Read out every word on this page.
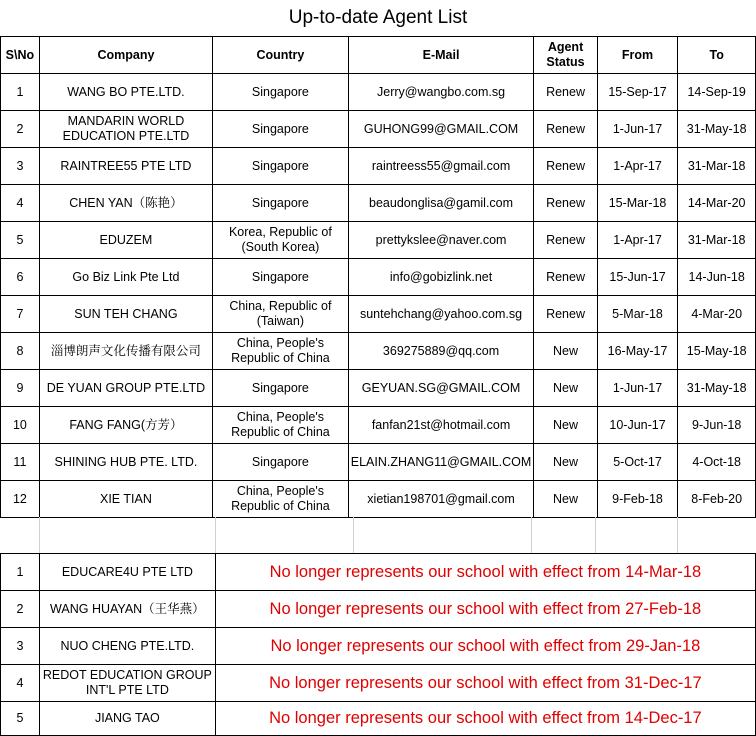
Up-to-date Agent List
S\No	Company	Country	E-Mail	Agent Status	From	To
1	WANG BO PTE.LTD.	Singapore	Jerry@wangbo.com.sg	Renew	15-Sep-17	14-Sep-19
2	MANDARIN WORLD EDUCATION PTE.LTD	Singapore	GUHONG99@GMAIL.COM	Renew	1-Jun-17	31-May-18
3	RAINTREE55 PTE LTD	Singapore	raintreess55@gmail.com	Renew	1-Apr-17	31-Mar-18
4	CHEN YAN（陈艳）	Singapore	beaudonglisa@gamil.com	Renew	15-Mar-18	14-Mar-20
5	EDUZEM	Korea, Republic of (South Korea)	prettykslee@naver.com	Renew	1-Apr-17	31-Mar-18
6	Go Biz Link Pte Ltd	Singapore	info@gobizlink.net	Renew	15-Jun-17	14-Jun-18
7	SUN TEH CHANG	China, Republic of (Taiwan)	suntehchang@yahoo.com.sg	Renew	5-Mar-18	4-Mar-20
8	淄博朗声文化传播有限公司	China, People's Republic of China	369275889@qq.com	New	16-May-17	15-May-18
9	DE YUAN GROUP PTE.LTD	Singapore	GEYUAN.SG@GMAIL.COM	New	1-Jun-17	31-May-18
10	FANG FANG(方芳）	China, People's Republic of China	fanfan21st@hotmail.com	New	10-Jun-17	9-Jun-18
11	SHINING HUB PTE. LTD.	Singapore	ELAIN.ZHANG11@GMAIL.COM	New	5-Oct-17	4-Oct-18
12	XIE TIAN	China, People's Republic of China	xietian198701@gmail.com	New	9-Feb-18	8-Feb-20
1	EDUCARE4U PTE LTD	No longer represents our school with effect from 14-Mar-18
2	WANG HUAYAN（王华燕）	No longer represents our school with effect from 27-Feb-18
3	NUO CHENG PTE.LTD.	No longer represents our school with effect from 29-Jan-18
4	REDOT EDUCATION GROUP INT'L PTE LTD	No longer represents our school with effect from 31-Dec-17
5	JIANG TAO	No longer represents our school with effect from 14-Dec-17
